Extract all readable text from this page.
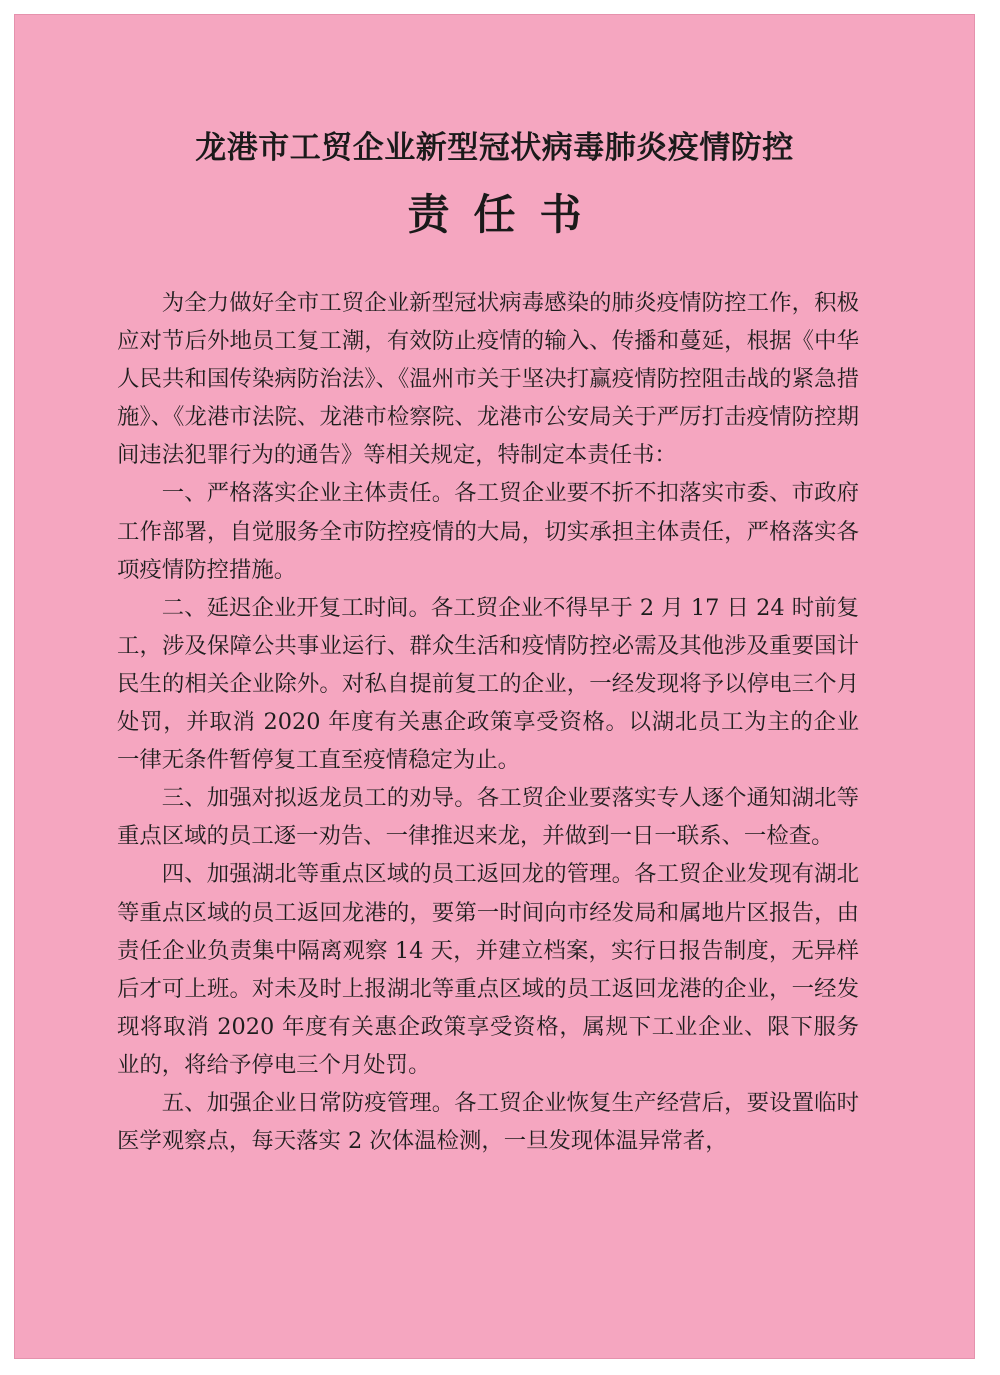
龙港市工贸企业新型冠状病毒肺炎疫情防控
责任书

为全力做好全市工贸企业新型冠状病毒感染的肺炎疫情防控工作，积极应对节后外地员工复工潮，有效防止疫情的输入、传播和蔓延，根据《中华人民共和国传染病防治法》、《温州市关于坚决打赢疫情防控阻击战的紧急措施》、《龙港市法院、龙港市检察院、龙港市公安局关于严厉打击疫情防控期间违法犯罪行为的通告》等相关规定，特制定本责任书：

一、严格落实企业主体责任。各工贸企业要不折不扣落实市委、市政府工作部署，自觉服务全市防控疫情的大局，切实承担主体责任，严格落实各项疫情防控措施。

二、延迟企业开复工时间。各工贸企业不得早于 2 月 17 日 24 时前复工，涉及保障公共事业运行、群众生活和疫情防控必需及其他涉及重要国计民生的相关企业除外。对私自提前复工的企业，一经发现将予以停电三个月处罚，并取消 2020 年度有关惠企政策享受资格。以湖北员工为主的企业一律无条件暂停复工直至疫情稳定为止。

三、加强对拟返龙员工的劝导。各工贸企业要落实专人逐个通知湖北等重点区域的员工逐一劝告、一律推迟来龙，并做到一日一联系、一检查。

四、加强湖北等重点区域的员工返回龙的管理。各工贸企业发现有湖北等重点区域的员工返回龙港的，要第一时间向市经发局和属地片区报告，由责任企业负责集中隔离观察 14 天，并建立档案，实行日报告制度，无异样后才可上班。对未及时上报湖北等重点区域的员工返回龙港的企业，一经发现将取消 2020 年度有关惠企政策享受资格，属规下工业企业、限下服务业的，将给予停电三个月处罚。

五、加强企业日常防疫管理。各工贸企业恢复生产经营后，要设置临时医学观察点，每天落实 2 次体温检测，一旦发现体温异常者，
